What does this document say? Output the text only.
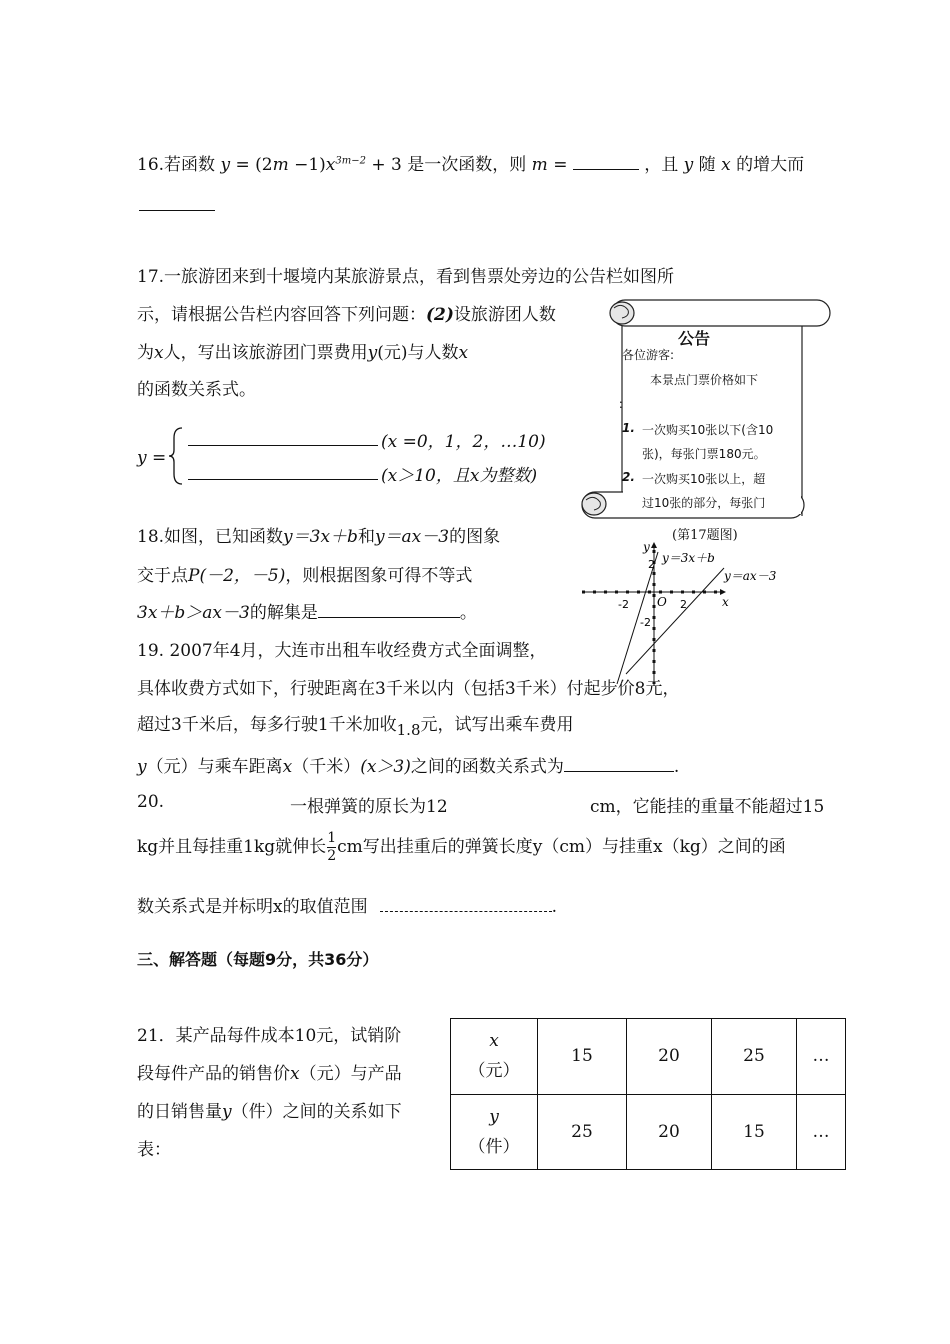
16.若函数 $y = (2m -1)x^{3m-2} + 3$ 是一次函数，则 m =	，且 y 随 x 的增大而
17.一旅游团来到十堰境内某旅游景点，看到售票处旁边的公告栏如图所
示，请根据公告栏内容回答下列问题：(2)设旅游团人数
为x人，写出该旅游团门票费用y(元)与人数x
的函数关系式。
y =
(x =0，1，2，…10)
(x＞10，且x为整数)
公告
各位游客:
本景点门票价格如下
：
1. 一次购买10张以下(含10
张)，每张门票180元。
2. 一次购买10张以上，超
过10张的部分，每张门
(第17题图)
18.如图，已知函数y＝3x＋b和y＝ax－3的图象
交于点P(－2，－5)，则根据图象可得不等式
3x＋b＞ax－3的解集是	。
y
x
O
y＝3x＋b
y＝ax－3
-2	2
2
-2
19. 2007年4月，大连市出租车收经费方式全面调整，
具体收费方式如下，行驶距离在3千米以内（包括3千米）付起步价8元，
超过3千米后，每多行驶1千米加收1.8元，试写出乘车费用
y（元）与乘车距离x（千米）(x＞3)之间的函数关系式为	.
20.	一根弹簧的原长为12	cm，它能挂的重量不能超过15
kg并且每挂重1kg就伸长 $\frac{1}{2}$ cm写出挂重后的弹簧长度y（cm）与挂重x（kg）之间的函
数关系式是并标明x的取值范围	.
三、解答题（每题9分，共36分）
21．某产品每件成本10元，试销阶
段每件产品的销售价x（元）与产品
的日销售量y（件）之间的关系如下
表：
x
（元）	15	20	25	…

y
（件）	25	20	15	…
